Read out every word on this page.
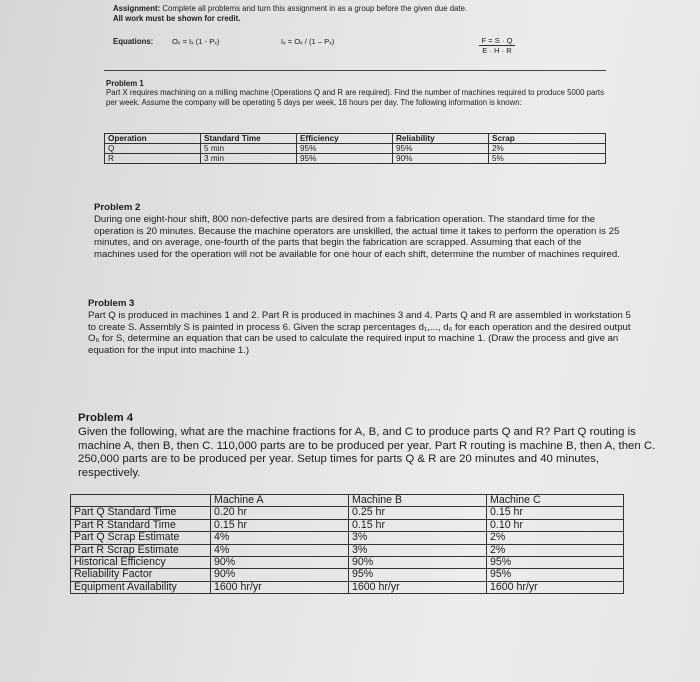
Assignment: Complete all problems and turn this assignment in as a group before the given due date.
All work must be shown for credit.
Equations: Oₓ = Iₓ (1 - Pₓ)	Iₓ = Oₓ / (1 – Pₓ)	$\frac{F = S \cdot Q}{E \cdot H \cdot R}$
Problem 1
Part X requires machining on a milling machine (Operations Q and R are required). Find the number of machines required to produce 5000 parts per week. Assume the company will be operating 5 days per week, 18 hours per day. The following information is known:
Operation	Standard Time	Efficiency	Reliability	Scrap
Q	5 min	95%	95%	2%
R	3 min	95%	90%	5%
Problem 2
During one eight-hour shift, 800 non-defective parts are desired from a fabrication operation. The standard time for the operation is 20 minutes. Because the machine operators are unskilled, the actual time it takes to perform the operation is 25 minutes, and on average, one-fourth of the parts that begin the fabrication are scrapped. Assuming that each of the machines used for the operation will not be available for one hour of each shift, determine the number of machines required.
Problem 3
Part Q is produced in machines 1 and 2. Part R is produced in machines 3 and 4. Parts Q and R are assembled in workstation 5 to create S. Assembly S is painted in process 6. Given the scrap percentages d₁,..., d₆ for each operation and the desired output O₆ for S, determine an equation that can be used to calculate the required input to machine 1. (Draw the process and give an equation for the input into machine 1.)
Problem 4
Given the following, what are the machine fractions for A, B, and C to produce parts Q and R? Part Q routing is machine A, then B, then C. 110,000 parts are to be produced per year. Part R routing is machine B, then A, then C. 250,000 parts are to be produced per year. Setup times for parts Q & R are 20 minutes and 40 minutes, respectively.
	Machine A	Machine B	Machine C
Part Q Standard Time	0.20 hr	0.25 hr	0.15 hr
Part R Standard Time	0.15 hr	0.15 hr	0.10 hr
Part Q Scrap Estimate	4%	3%	2%
Part R Scrap Estimate	4%	3%	2%
Historical Efficiency	90%	90%	95%
Reliability Factor	90%	95%	95%
Equipment Availability	1600 hr/yr	1600 hr/yr	1600 hr/yr
